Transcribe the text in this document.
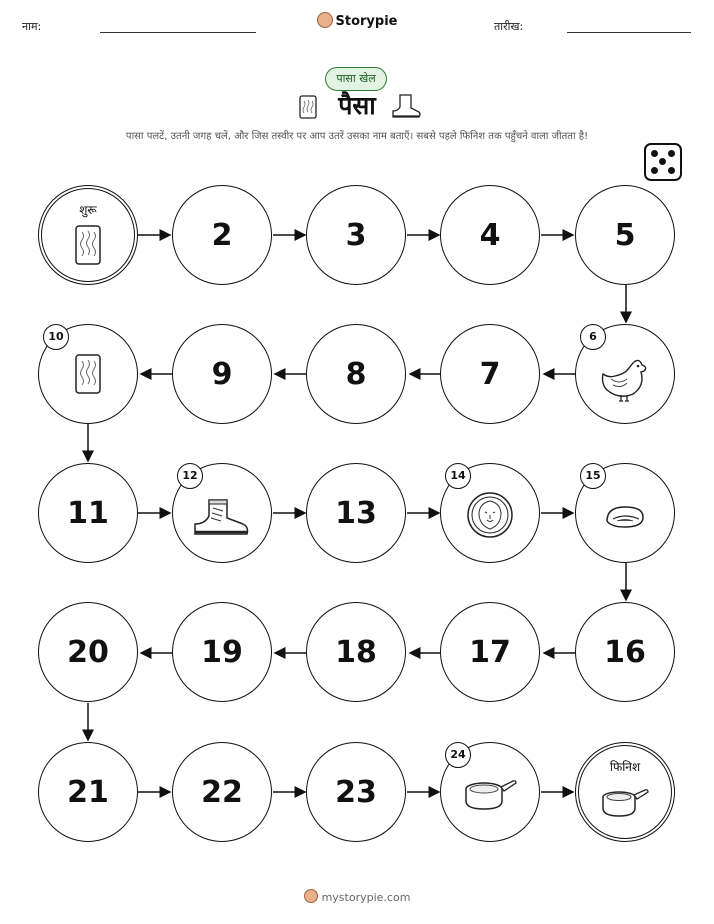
नाम:	Storypie	तारीख:
पासा खेल
पैसा
पासा पलटें, उतनी जगह चलें, और जिस तस्वीर पर आप उतरें उसका नाम बताएँ। सबसे पहले फिनिश तक पहुँचने वाला जीतता है!
शुरू
2	3	4	5
10
9	8	7
6
11
12
13
14	15
20	19	18	17	16
21	22	23
24
फिनिश
mystorypie.com
